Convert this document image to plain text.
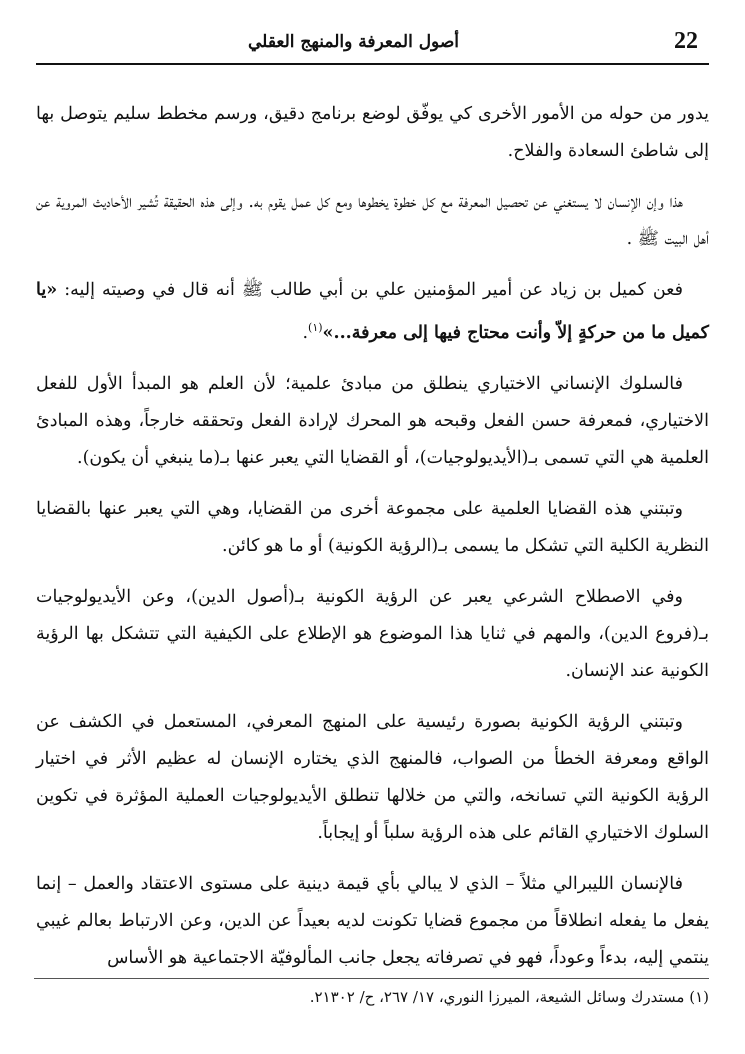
أصول المعرفة والمنهج العقلي	22

يدور من حوله من الأمور الأخرى كي يوفّق لوضع برنامج دقيق، ورسم مخطط سليم يتوصل بها إلى شاطئ السعادة والفلاح.

هذا وإن الإنسان لا يستغني عن تحصيل المعرفة مع كل خطوة يخطوها ومع كل عمل يقوم به. وإلى هذه الحقيقة تُشير الأحاديث المروية عن أهل البيت ﷺ .

فعن كميل بن زياد عن أمير المؤمنين علي بن أبي طالب ﷺ أنه قال في وصيته إليه: «يا كميل ما من حركةٍ إلاّ وأنت محتاج فيها إلى معرفة...»$^{(١)}$.

فالسلوك الإنساني الاختياري ينطلق من مبادئ علمية؛ لأن العلم هو المبدأ الأول للفعل الاختياري، فمعرفة حسن الفعل وقبحه هو المحرك لإرادة الفعل وتحققه خارجاً، وهذه المبادئ العلمية هي التي تسمى بـ(الأيديولوجيات)، أو القضايا التي يعبر عنها بـ(ما ينبغي أن يكون).

وتبتني هذه القضايا العلمية على مجموعة أخرى من القضايا، وهي التي يعبر عنها بالقضايا النظرية الكلية التي تشكل ما يسمى بـ(الرؤية الكونية) أو ما هو كائن.

وفي الاصطلاح الشرعي يعبر عن الرؤية الكونية بـ(أصول الدين)، وعن الأيديولوجيات بـ(فروع الدين)، والمهم في ثنايا هذا الموضوع هو الإطلاع على الكيفية التي تتشكل بها الرؤية الكونية عند الإنسان.

وتبتني الرؤية الكونية بصورة رئيسية على المنهج المعرفي، المستعمل في الكشف عن الواقع ومعرفة الخطأ من الصواب، فالمنهج الذي يختاره الإنسان له عظيم الأثر في اختيار الرؤية الكونية التي تسانخه، والتي من خلالها تنطلق الأيديولوجيات العملية المؤثرة في تكوين السلوك الاختياري القائم على هذه الرؤية سلباً أو إيجاباً.

فالإنسان الليبرالي مثلاً – الذي لا يبالي بأي قيمة دينية على مستوى الاعتقاد والعمل – إنما يفعل ما يفعله انطلاقاً من مجموع قضايا تكونت لديه بعيداً عن الدين، وعن الارتباط بعالم غيبي ينتمي إليه، بدءاً وعوداً، فهو في تصرفاته يجعل جانب المألوفيّة الاجتماعية هو الأساس

(١) مستدرك وسائل الشيعة، الميرزا النوري، ١٧/ ٢٦٧، ح/ ٢١٣٠٢.
